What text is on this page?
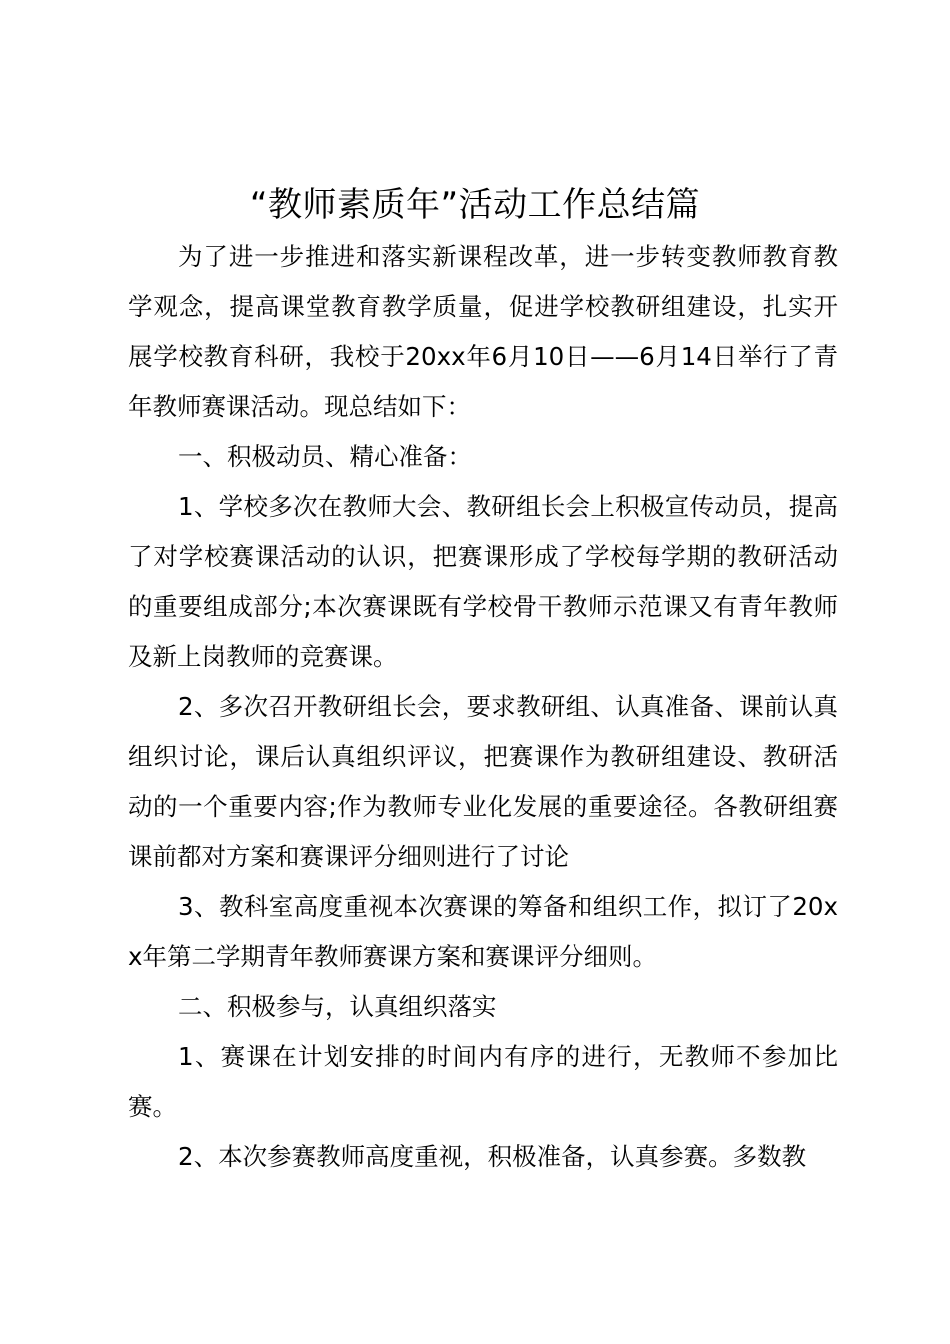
“教师素质年”活动工作总结篇

为了进一步推进和落实新课程改革，进一步转变教师教育教学观念，提高课堂教育教学质量，促进学校教研组建设，扎实开展学校教育科研，我校于20xx年6月10日——6月14日举行了青年教师赛课活动。现总结如下：

一、积极动员、精心准备：

1、学校多次在教师大会、教研组长会上积极宣传动员，提高了对学校赛课活动的认识，把赛课形成了学校每学期的教研活动的重要组成部分;本次赛课既有学校骨干教师示范课又有青年教师及新上岗教师的竞赛课。

2、多次召开教研组长会，要求教研组、认真准备、课前认真组织讨论，课后认真组织评议，把赛课作为教研组建设、教研活动的一个重要内容;作为教师专业化发展的重要途径。各教研组赛课前都对方案和赛课评分细则进行了讨论

3、教科室高度重视本次赛课的筹备和组织工作，拟订了20xx年第二学期青年教师赛课方案和赛课评分细则。

二、积极参与，认真组织落实

1、赛课在计划安排的时间内有序的进行，无教师不参加比赛。

2、本次参赛教师高度重视，积极准备，认真参赛。多数教
